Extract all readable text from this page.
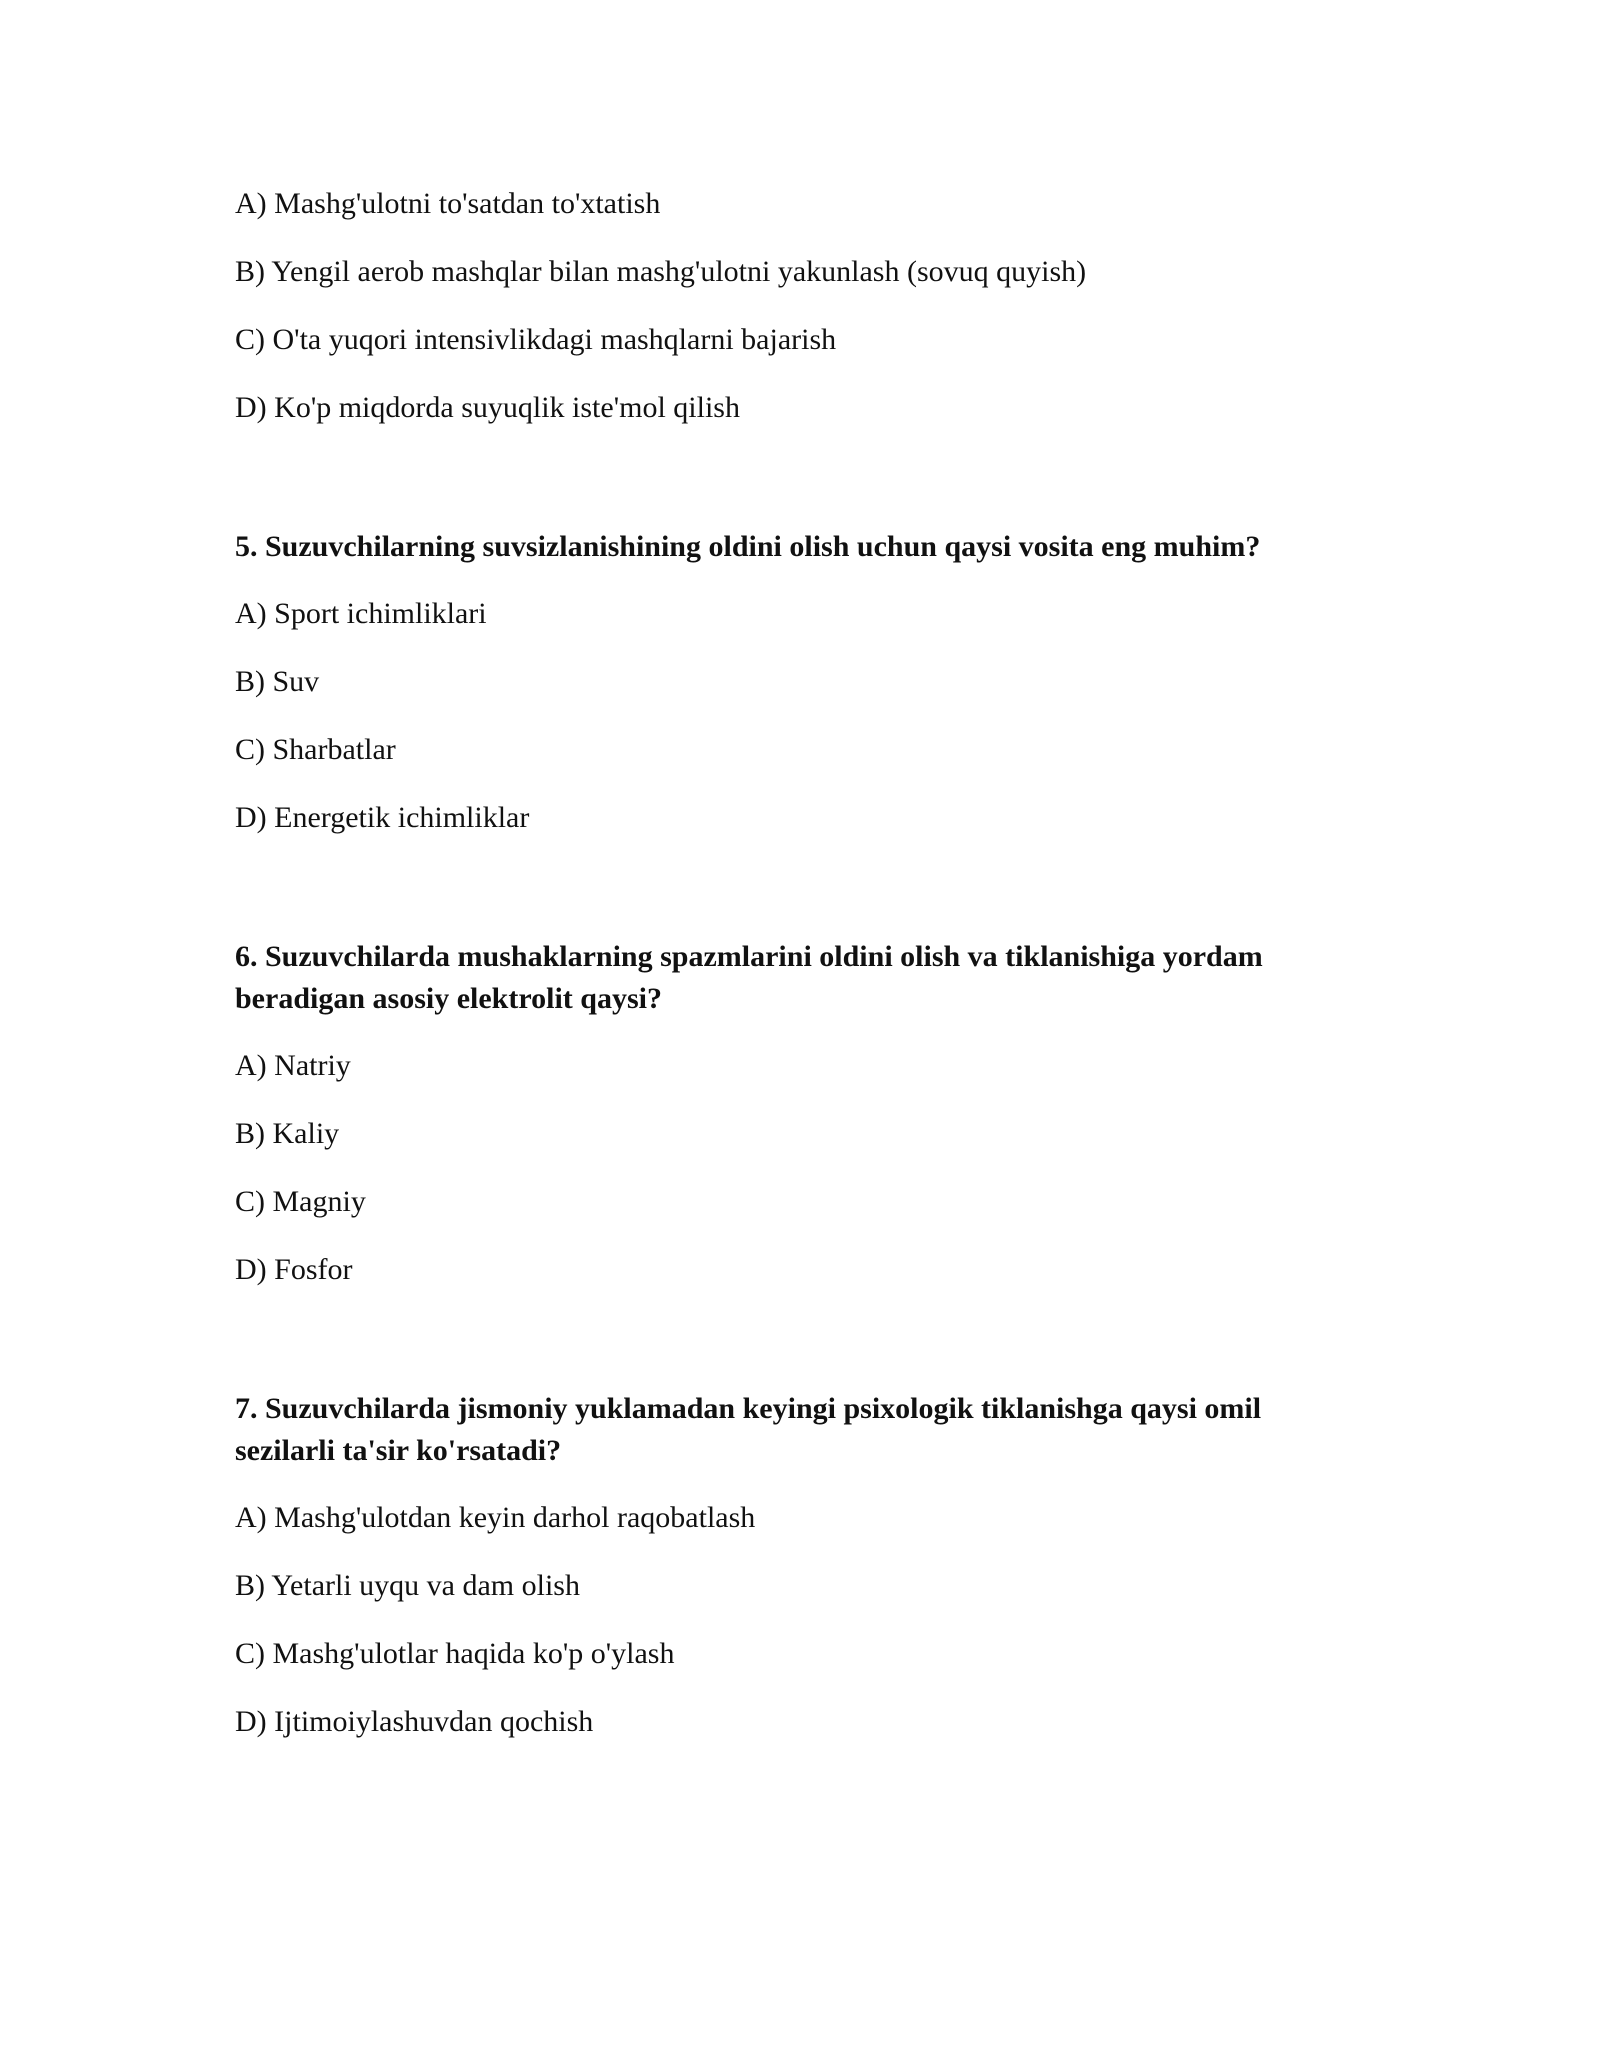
A) Mashg'ulotni to'satdan to'xtatish
B) Yengil aerob mashqlar bilan mashg'ulotni yakunlash (sovuq quyish)
C) O'ta yuqori intensivlikdagi mashqlarni bajarish
D) Ko'p miqdorda suyuqlik iste'mol qilish
5. Suzuvchilarning suvsizlanishining oldini olish uchun qaysi vosita eng muhim?
A) Sport ichimliklari
B) Suv
C) Sharbatlar
D) Energetik ichimliklar
6. Suzuvchilarda mushaklarning spazmlarini oldini olish va tiklanishiga yordam beradigan asosiy elektrolit qaysi?
A) Natriy
B) Kaliy
C) Magniy
D) Fosfor
7. Suzuvchilarda jismoniy yuklamadan keyingi psixologik tiklanishga qaysi omil sezilarli ta'sir ko'rsatadi?
A) Mashg'ulotdan keyin darhol raqobatlash
B) Yetarli uyqu va dam olish
C) Mashg'ulotlar haqida ko'p o'ylash
D) Ijtimoiylashuvdan qochish
